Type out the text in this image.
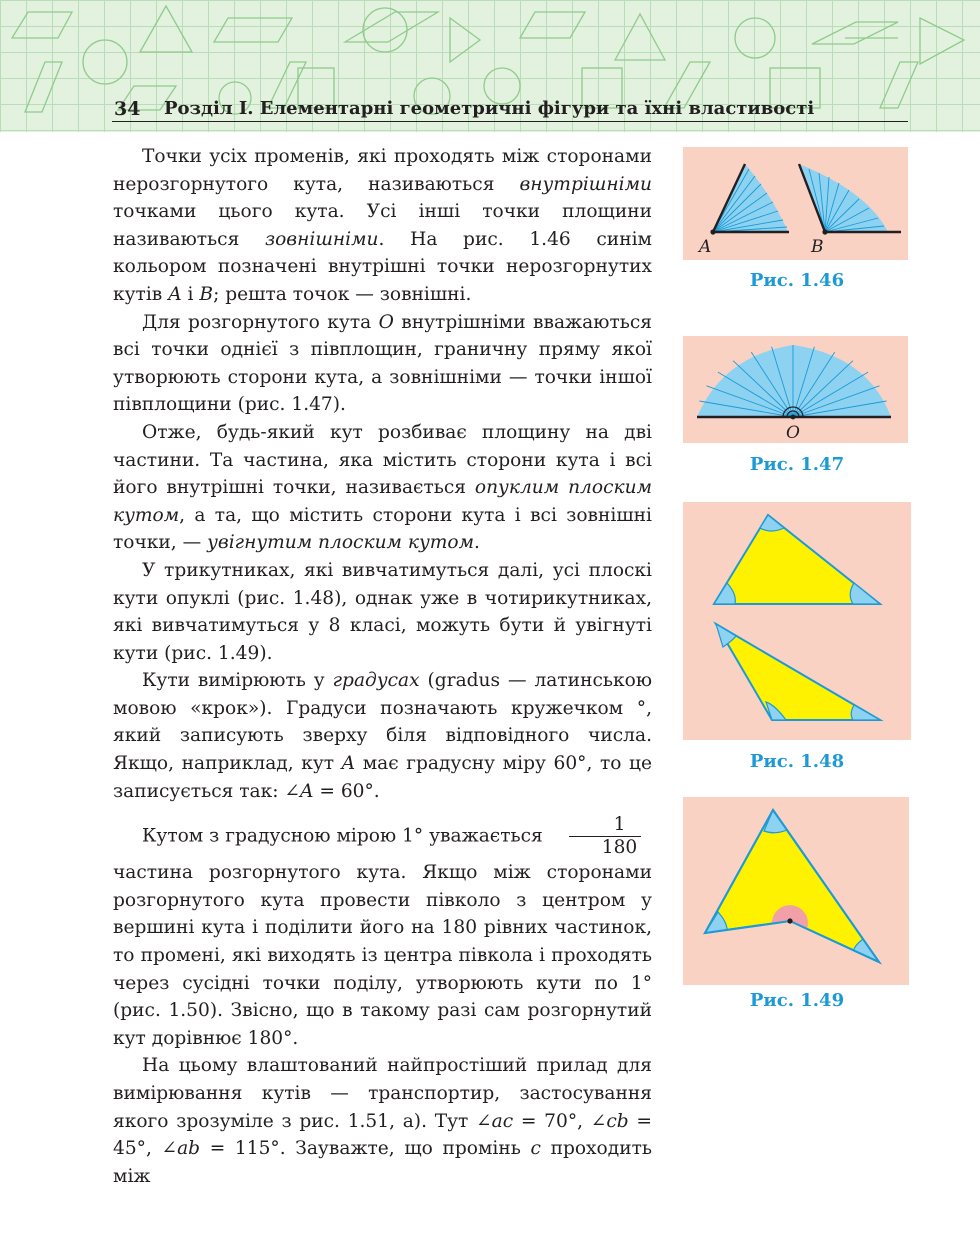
34 Розділ I. Елементарні геометричні фігури та їхні властивості

Точки усіх променів, які проходять між сторонами нерозгорнутого кута, називаються внутрішніми точками цього кута. Усі інші точки площини називаються зовнішніми. На рис. 1.46 синім кольором позначені внутрішні точки нерозгорнутих кутів A і B; решта точок — зовнішні.

Для розгорнутого кута O внутрішніми вважаються всі точки однієї з півплощин, граничну пряму якої утворюють сторони кута, а зовнішніми — точки іншої півплощини (рис. 1.47).

Отже, будь-який кут розбиває площину на дві частини. Та частина, яка містить сторони кута і всі його внутрішні точки, називається опуклим плоским кутом, а та, що містить сторони кута і всі зовнішні точки, — увігнутим плоским кутом.

У трикутниках, які вивчатимуться далі, усі плоскі кути опуклі (рис. 1.48), однак уже в чотирикутниках, які вивчатимуться у 8 класі, можуть бути й увігнуті кути (рис. 1.49).

Кути вимірюють у градусах (gradus — латинською мовою «крок»). Градуси позначають кружечком °, який записують зверху біля відповідного числа. Якщо, наприклад, кут A має градусну міру 60°, то це записується так: ∠A = 60°.

Кутом з градусною мірою 1° уважається $\frac{1}{180}$

частина розгорнутого кута. Якщо між сторонами розгорнутого кута провести півколо з центром у вершині кута і поділити його на 180 рівних частинок, то промені, які виходять із центра півкола і проходять через сусідні точки поділу, утворюють кути по 1° (рис. 1.50). Звісно, що в такому разі сам розгорнутий кут дорівнює 180°.

На цьому влаштований найпростіший прилад для вимірювання кутів — транспортир, застосування якого зрозуміле з рис. 1.51, а). Тут ∠ac = 70°, ∠cb = 45°, ∠ab = 115°. Зауважте, що промінь c проходить між

A	B
Рис. 1.46
O
Рис. 1.47
Рис. 1.48
Рис. 1.49
